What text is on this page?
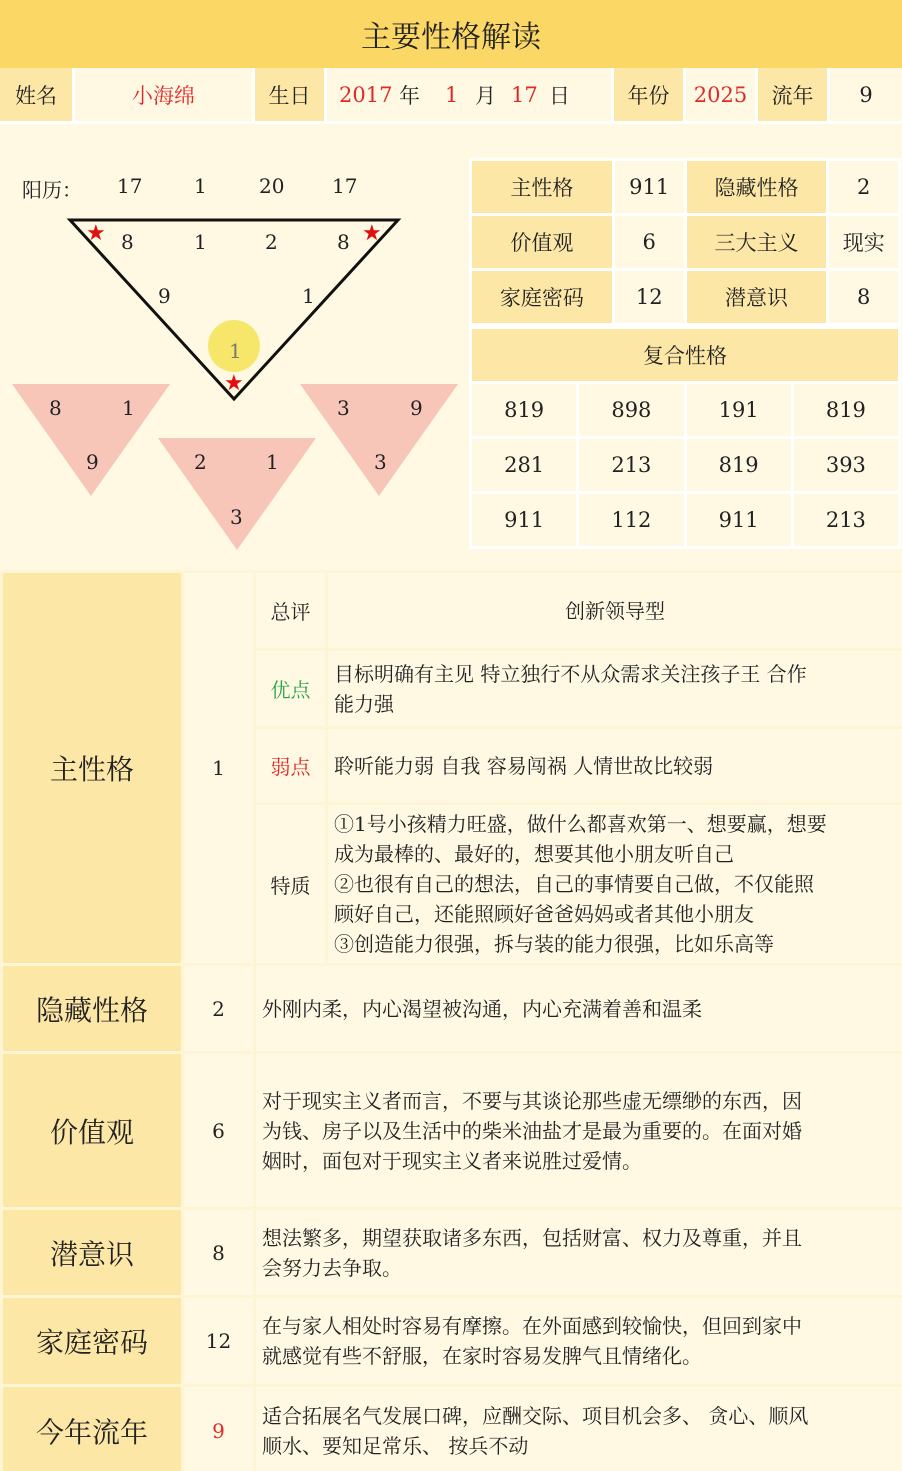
主要性格解读
姓名	小海绵	生日	2017 年	1 月 17 日	年份	2025	流年	9
★	★
★
阳历： 17	1	20 17
8	1	2	8
9	1
1
8	1
9	2	1
3
3	9
3
主性格	911	隐藏性格	2
价值观	6	三大主义	现实
家庭密码	12	潜意识	8
复合性格			
819	898	191	819
281	213	819	393
911	112	911	213
主性格	1	总评	创新领导型
		优点	目标明确有主见 特立独行不从众需求关注孩子王 合作
能力强

		弱点	聆听能力弱 自我 容易闯祸 人情世故比较弱
		特质	①1号小孩精力旺盛，做什么都喜欢第一、想要赢，想要
成为最棒的、最好的，想要其他小朋友听自己
②也很有自己的想法，自己的事情要自己做，不仅能照
顾好自己，还能照顾好爸爸妈妈或者其他小朋友
③创造能力很强，拆与装的能力很强，比如乐高等

隐藏性格	2	外刚内柔，内心渴望被沟通，内心充满着善和温柔	
价值观	6	对于现实主义者而言，不要与其谈论那些虚无缥缈的东西，因
为钱、房子以及生活中的柴米油盐才是最为重要的。在面对婚
姻时，面包对于现实主义者来说胜过爱情。	

潜意识	8	想法繁多，期望获取诸多东西，包括财富、权力及尊重，并且
会努力去争取。	

家庭密码	12	在与家人相处时容易有摩擦。在外面感到较愉快，但回到家中
就感觉有些不舒服，在家时容易发脾气且情绪化。	

今年流年	9	适合拓展名气发展口碑，应酬交际、项目机会多、 贪心、顺风
顺水、要知足常乐、 按兵不动	
